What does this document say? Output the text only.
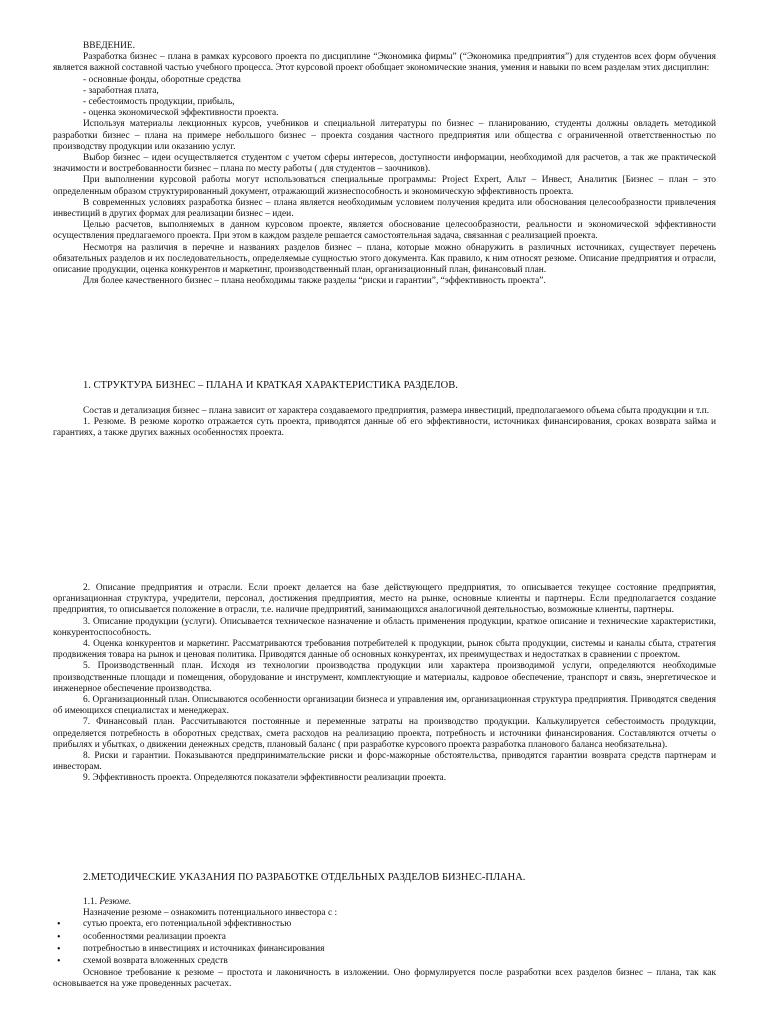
ВВЕДЕНИЕ.

Разработка бизнес – плана в рамках курсового проекта по дисциплине “Экономика фирмы” (“Экономика предприятия”) для студентов всех форм обучения является важной составной частью учебного процесса. Этот курсовой проект обобщает экономические знания, умения и навыки по всем разделам этих дисциплин:

- основные фонды, оборотные средства

- заработная плата,

- себестоимость продукции, прибыль,

- оценка экономической эффективности проекта.

Используя материалы лекционных курсов, учебников и специальной литературы по бизнес – планированию, студенты должны овладеть методикой разработки бизнес – плана на примере небольшого бизнес – проекта создания частного предприятия или общества с ограниченной ответственностью по производству продукции или оказанию услуг.

Выбор бизнес – идеи осуществляется студентом с учетом сферы интересов, доступности информации, необходимой для расчетов, а так же практической значимости и востребованности бизнес – плана по месту работы ( для студентов – заочников).

При выполнении курсовой работы могут использоваться специальные программы: Project Expert, Альт – Инвест, Аналитик [Бизнес – план – это определенным образом структурированный документ, отражающий жизнеспособность и экономическую эффективность проекта.

В современных условиях разработка бизнес – плана является необходимым условием получения кредита или обоснования целесообразности привлечения инвестиций в других формах для реализации бизнес – идеи.

Целью расчетов, выполняемых в данном курсовом проекте, является обоснование целесообразности, реальности и экономической эффективности осуществления предлагаемого проекта. При этом в каждом разделе решается самостоятельная задача, связанная с реализацией проекта.

Несмотря на различия в перечне и названиях разделов бизнес – плана, которые можно обнаружить в различных источниках, существует перечень обязательных разделов и их последовательность, определяемые сущностью этого документа. Как правило, к ним относят резюме. Описание предприятия и отрасли, описание продукции, оценка конкурентов и маркетинг, производственный план, организационный план, финансовый план.

Для более качественного бизнес – плана необходимы также разделы “риски и гарантии”, “эффективность проекта”.

1. СТРУКТУРА БИЗНЕС – ПЛАНА И КРАТКАЯ ХАРАКТЕРИСТИКА РАЗДЕЛОВ.

Состав и детализация бизнес – плана зависит от характера создаваемого предприятия, размера инвестиций, предполагаемого объема сбыта продукции и т.п.

1. Резюме. В резюме коротко отражается суть проекта, приводятся данные об его эффективности, источниках финансирования, сроках возврата займа и гарантиях, а также других важных особенностях проекта.

2. Описание предприятия и отрасли. Если проект делается на базе действующего предприятия, то описывается текущее состояние предприятия, организационная структура, учредители, персонал, достижения предприятия, место на рынке, основные клиенты и партнеры. Если предполагается создание предприятия, то описывается положение в отрасли, т.е. наличие предприятий, занимающихся аналогичной деятельностью, возможные клиенты, партнеры.

3. Описание продукции (услуги). Описывается техническое назначение и область применения продукции, краткое описание и технические характеристики, конкурентоспособность.

4. Оценка конкурентов и маркетинг. Рассматриваются требования потребителей к продукции, рынок сбыта продукции, системы и каналы сбыта, стратегия продвижения товара на рынок и ценовая политика. Приводятся данные об основных конкурентах, их преимуществах и недостатках в сравнении с проектом.

5. Производственный план. Исходя из технологии производства продукции или характера производимой услуги, определяются необходимые производственные площади и помещения, оборудование и инструмент, комплектующие и материалы, кадровое обеспечение, транспорт и связь, энергетическое и инженерное обеспечение производства.

6. Организационный план. Описываются особенности организации бизнеса и управления им, организационная структура предприятия. Приводятся сведения об имеющихся специалистах и менеджерах.

7. Финансовый план. Рассчитываются постоянные и переменные затраты на производство продукции. Калькулируется себестоимость продукции, определяется потребность в оборотных средствах, смета расходов на реализацию проекта, потребность и источники финансирования. Составляются отчеты о прибылях и убытках, о движении денежных средств, плановый баланс ( при разработке курсового проекта разработка планового баланса необязательна).

8. Риски и гарантии. Показываются предпринимательские риски и форс-мажорные обстоятельства, приводятся гарантии возврата средств партнерам и инвесторам.

9. Эффективность проекта. Определяются показатели эффективности реализации проекта.

2.МЕТОДИЧЕСКИЕ УКАЗАНИЯ ПО РАЗРАБОТКЕ ОТДЕЛЬНЫХ РАЗДЕЛОВ БИЗНЕС-ПЛАНА.

1.1. Резюме.

Назначение резюме – ознакомить потенциального инвестора с :

• сутью проекта, его потенциальной эффективностью
• особенностями реализации проекта
• потребностью в инвестициях и источниках финансирования
• схемой возврата вложенных средств

Основное требование к резюме – простота и лаконичность в изложении. Оно формулируется после разработки всех разделов бизнес – плана, так как основывается на уже проведенных расчетах.
